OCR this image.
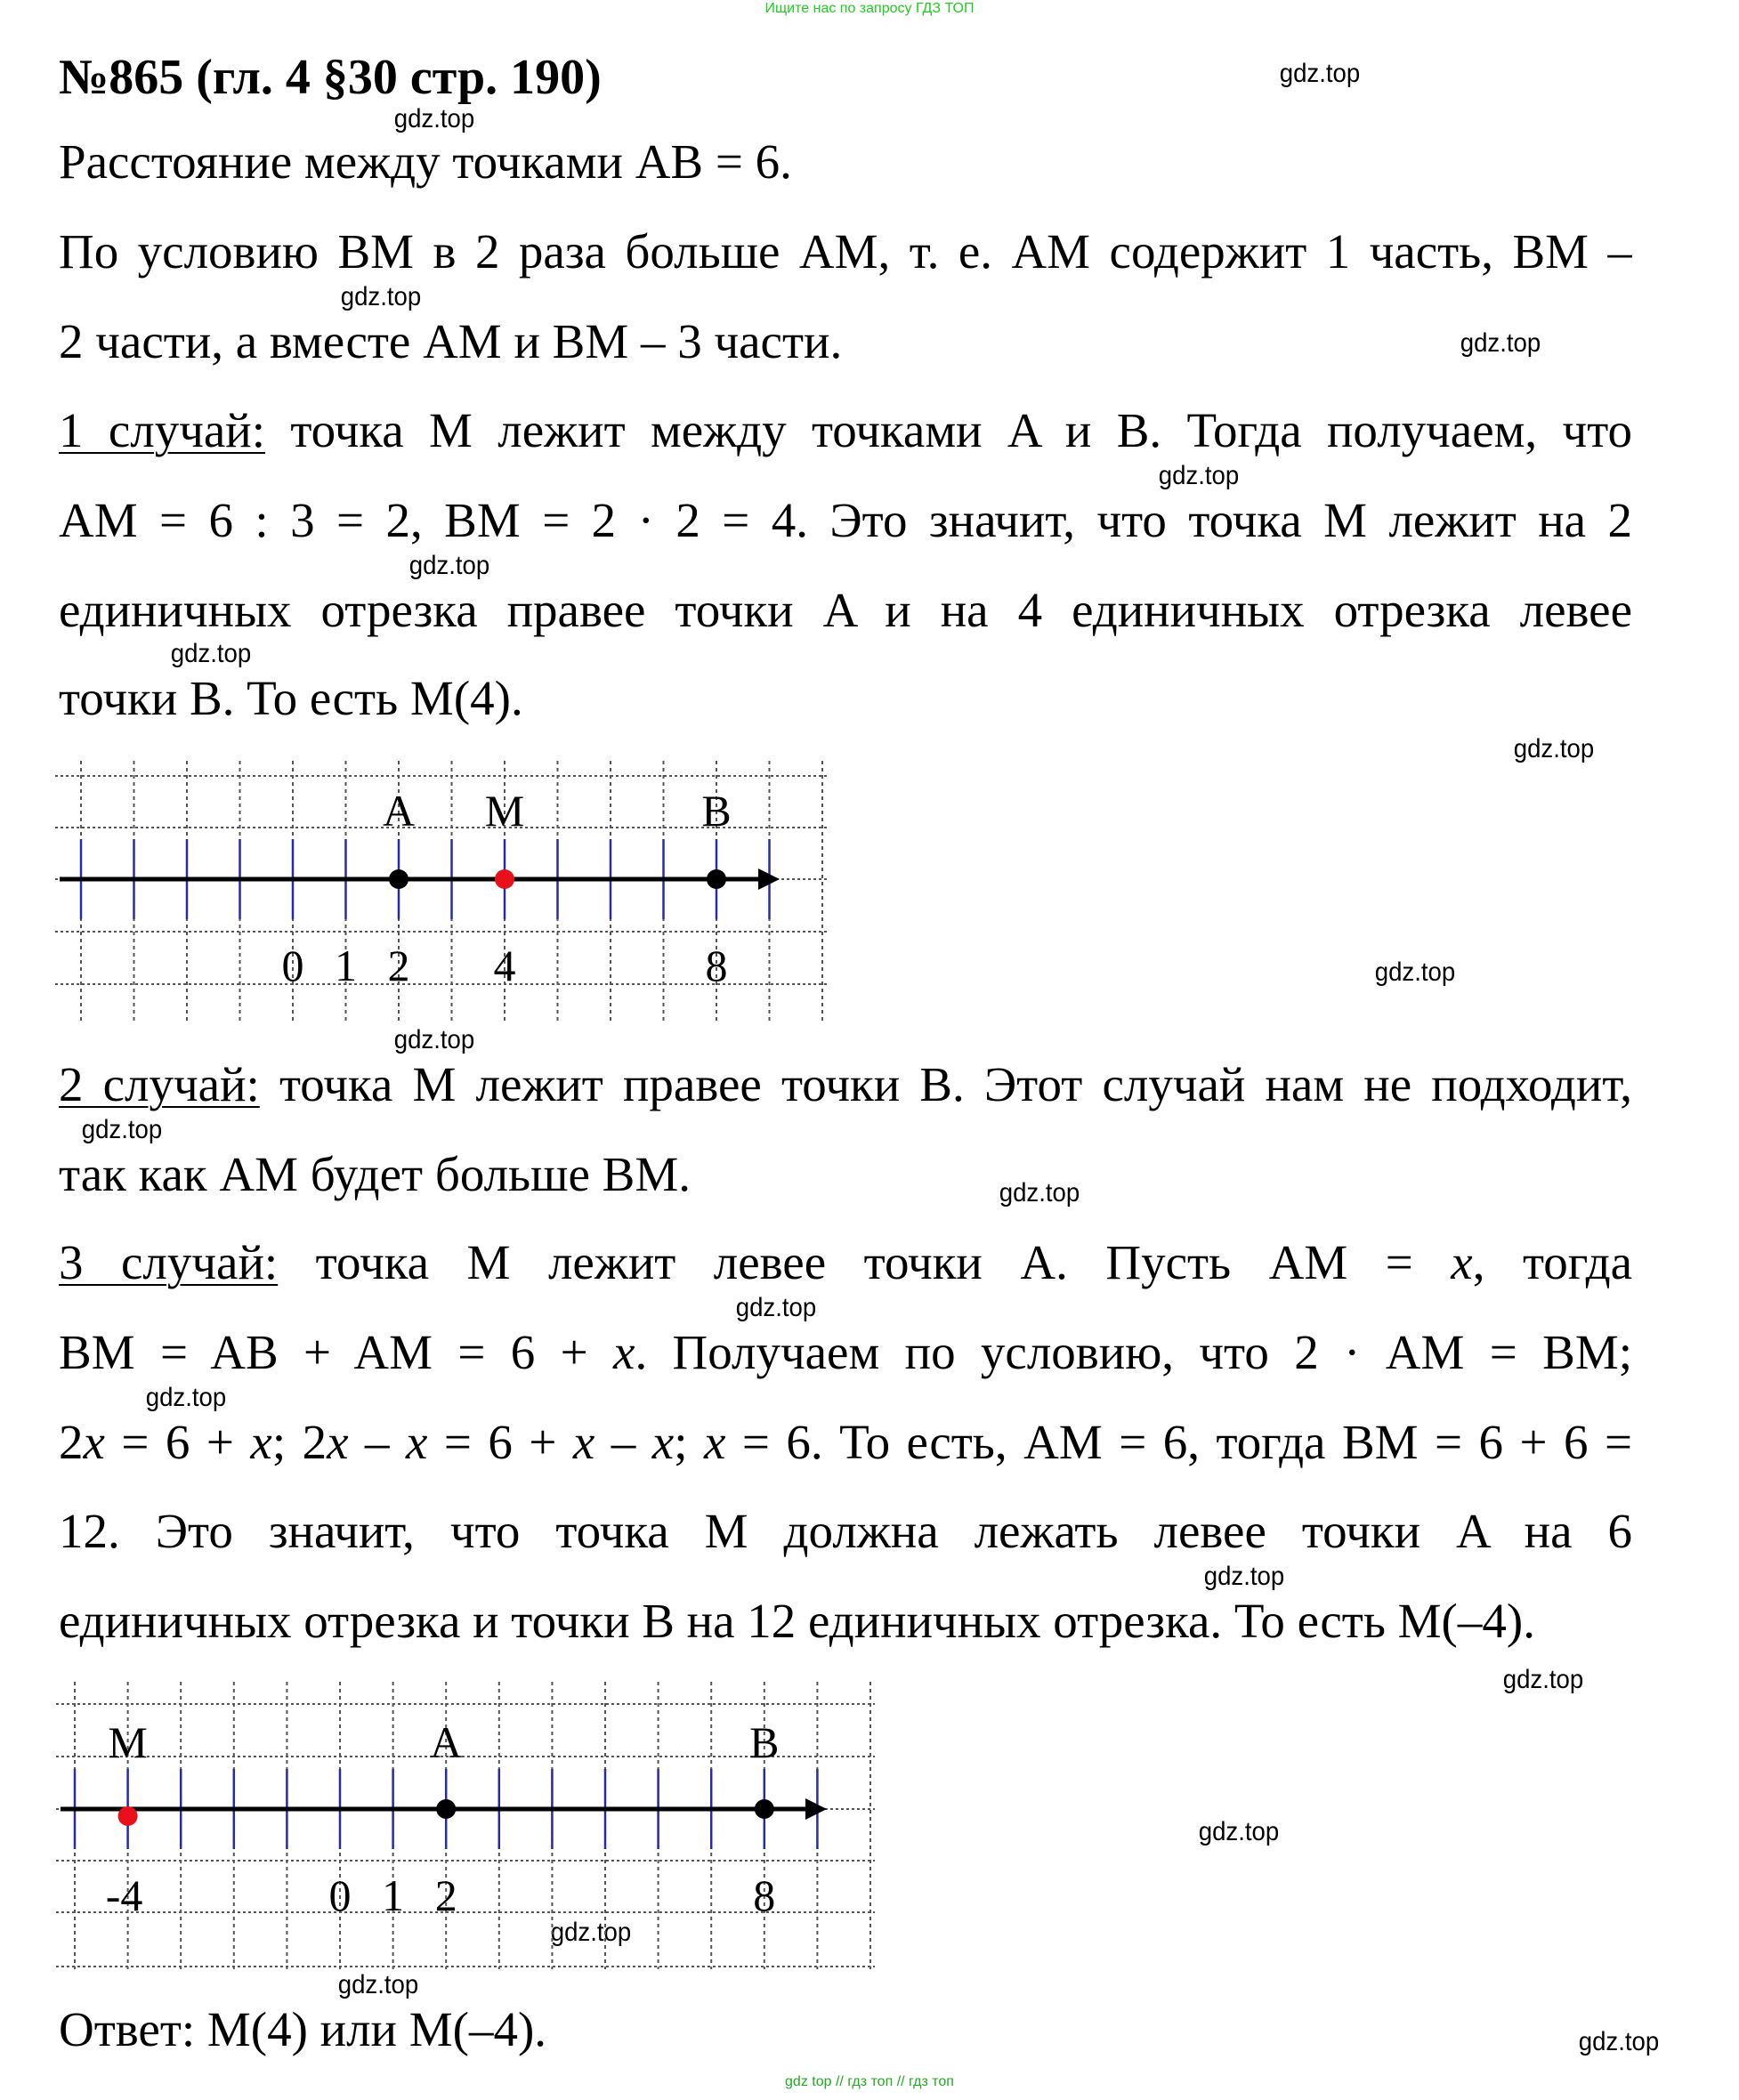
Ищите нас по запросу ГДЗ ТОП
№865 (гл. 4 §30 стр. 190)
Расстояние между точками AB = 6.
По условию BM в 2 раза больше AM, т. е. AM содержит 1 часть, BM –
2 части, а вместе AM и BM – 3 части.
1 случай: точка M лежит между точками A и B. Тогда получаем, что
AM = 6 : 3 = 2, BM = 2 · 2 = 4. Это значит, что точка M лежит на 2
единичных отрезка правее точки A и на 4 единичных отрезка левее
точки B. То есть M(4).
2 случай: точка M лежит правее точки B. Этот случай нам не подходит,
так как AM будет больше BM.
3 случай: точка M лежит левее точки A. Пусть AM = x, тогда
BM = AB + AM = 6 + x. Получаем по условию, что 2 · AM = BM;
2x = 6 + x; 2x – x = 6 + x – x; x = 6. То есть, AM = 6, тогда BM = 6 + 6 =
12. Это значит, что точка M должна лежать левее точки A на 6
единичных отрезка и точки B на 12 единичных отрезка. То есть M(–4).
Ответ: M(4) или M(–4).
gdz.top
gdz.top
gdz.top
gdz.top
gdz.top
gdz.top
gdz.top
gdz.top
gdz.top
gdz.top
gdz.top
gdz.top
gdz.top
gdz.top
gdz.top
gdz.top
gdz.top
gdz.top
gdz.top
gdz.top
A M	B
0 1 2 4	8
M	A	B
-4	0 1 2	8
gdz top // гдз топ // гдз топ
